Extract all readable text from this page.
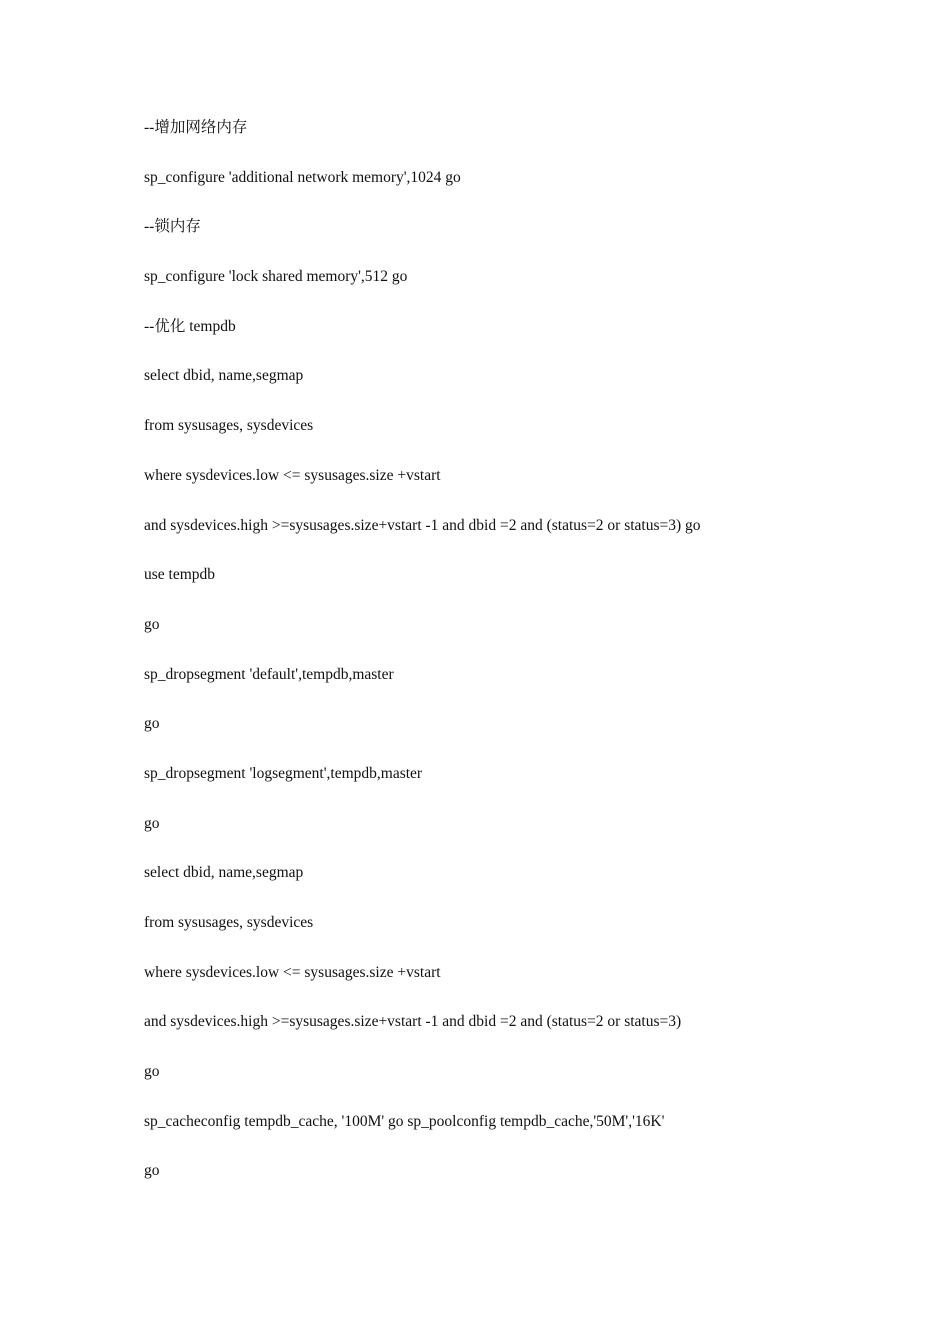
--增加网络内存

sp_configure 'additional network memory',1024 go

--锁内存

sp_configure 'lock shared memory',512 go

--优化 tempdb

select dbid, name,segmap

from sysusages, sysdevices

where sysdevices.low <= sysusages.size +vstart

and sysdevices.high >=sysusages.size+vstart -1 and dbid =2 and (status=2 or status=3) go

use tempdb

go

sp_dropsegment 'default',tempdb,master

go

sp_dropsegment 'logsegment',tempdb,master

go

select dbid, name,segmap

from sysusages, sysdevices

where sysdevices.low <= sysusages.size +vstart

and sysdevices.high >=sysusages.size+vstart -1 and dbid =2 and (status=2 or status=3)

go

sp_cacheconfig tempdb_cache, '100M' go sp_poolconfig tempdb_cache,'50M','16K'

go
